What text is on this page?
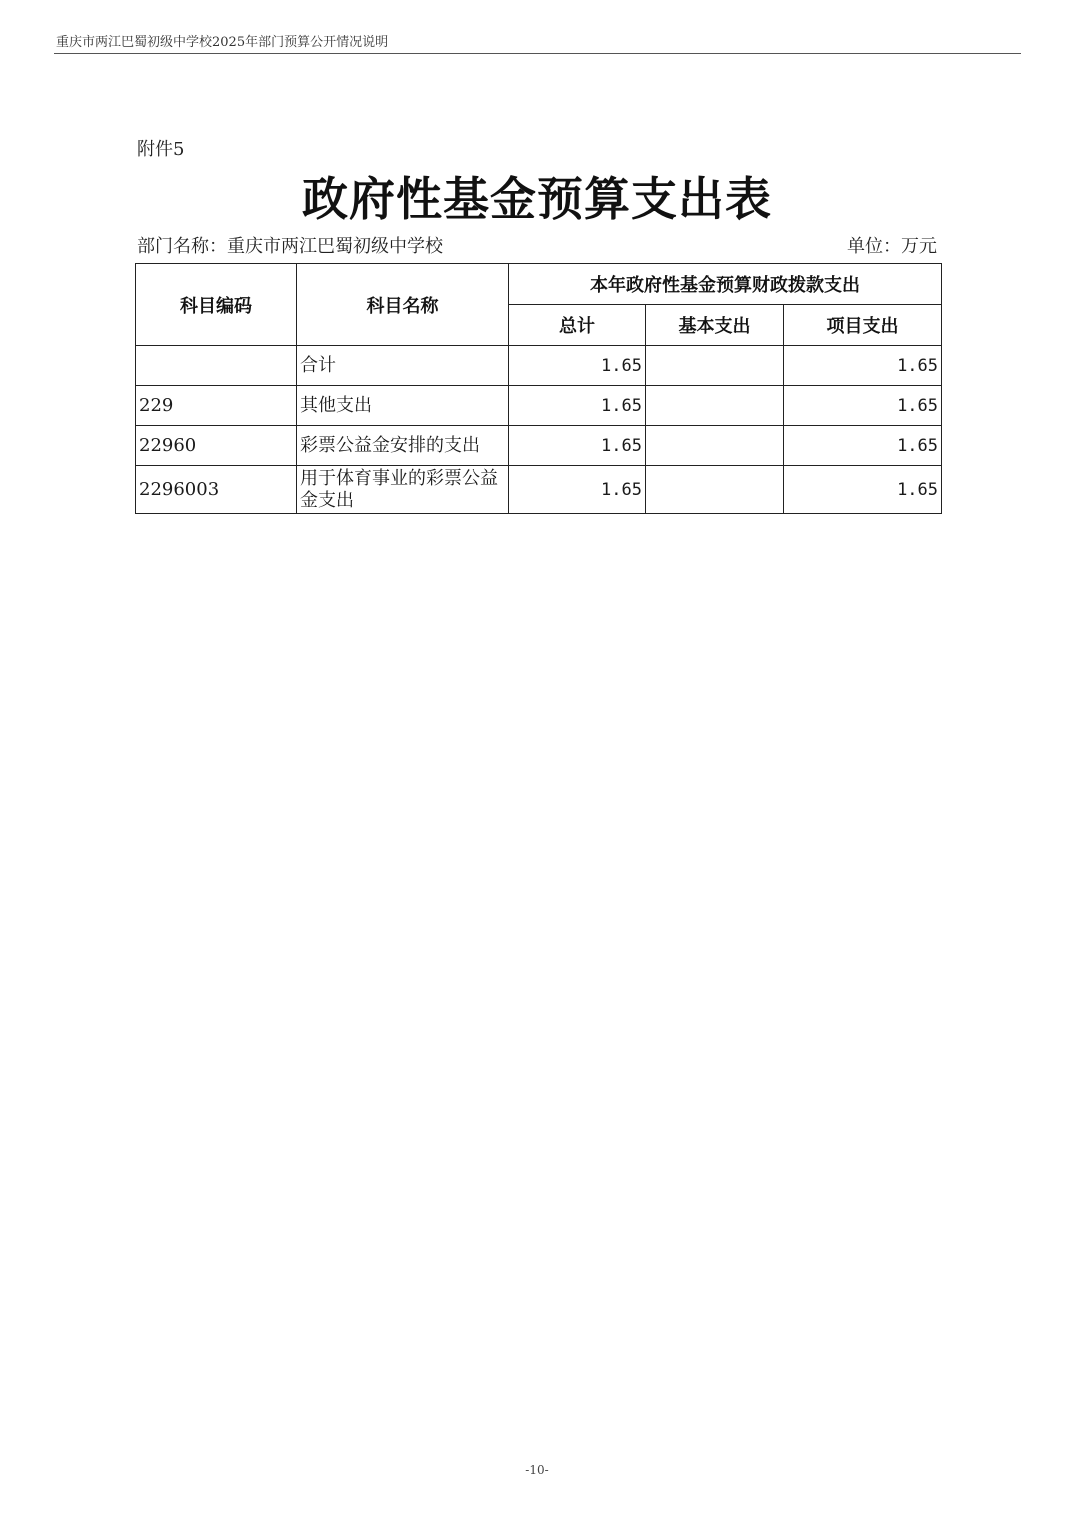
重庆市两江巴蜀初级中学校2025年部门预算公开情况说明
附件5
政府性基金预算支出表
部门名称：重庆市两江巴蜀初级中学校	单位：万元
科目编码	科目名称	本年政府性基金预算财政拨款支出		
		总计	基本支出	项目支出
	合计	1.65		1.65
229	其他支出	1.65		1.65
22960	彩票公益金安排的支出	1.65		1.65
2296003	用于体育事业的彩票公益金支出	1.65		1.65
-10-
